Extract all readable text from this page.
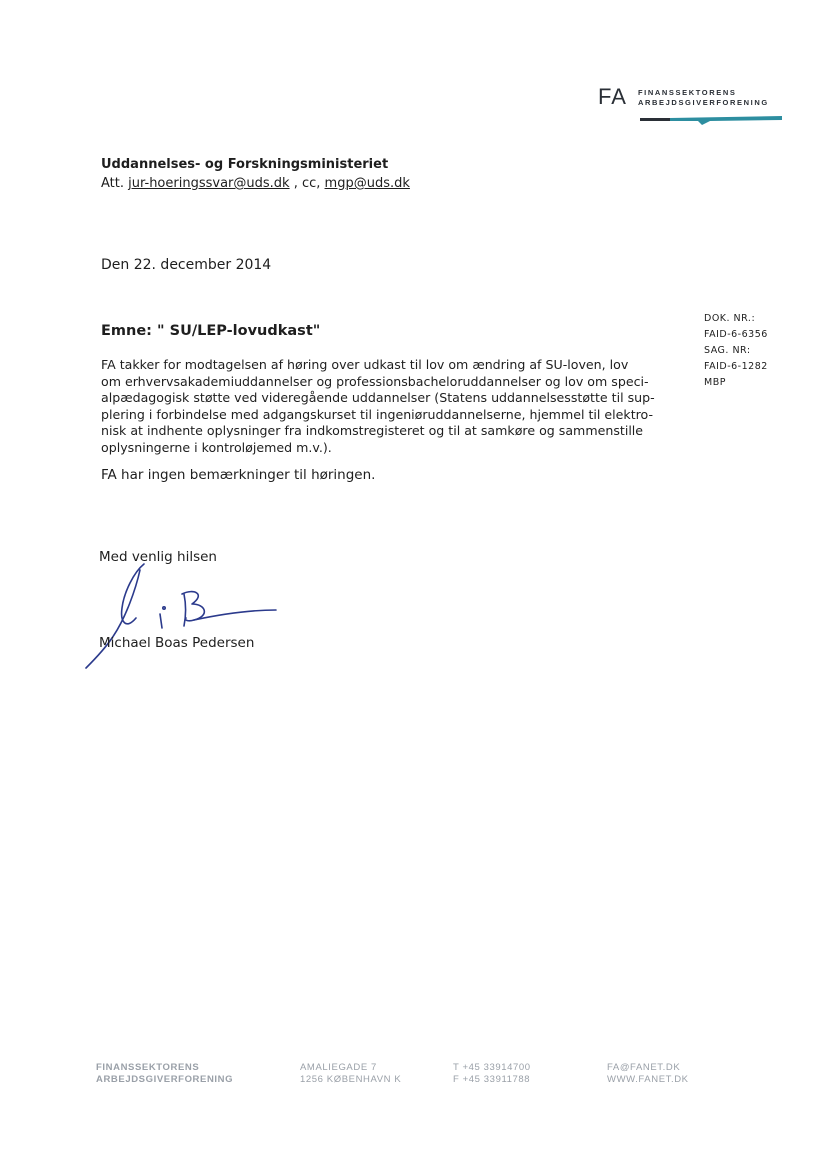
FA FINANSSEKTORENS
ARBEJDSGIVERFORENING
Uddannelses- og Forskningsministeriet
Att. jur-hoeringssvar@uds.dk , cc, mgp@uds.dk
Den 22. december 2014
Emne: " SU/LEP-lovudkast"
DOK. NR.:
FAID-6-6356
SAG. NR:
FAID-6-1282
MBP
FA takker for modtagelsen af høring over udkast til lov om ændring af SU-loven, lov
om erhvervsakademiuddannelser og professionsbacheloruddannelser og lov om speci-
alpædagogisk støtte ved videregående uddannelser (Statens uddannelsesstøtte til sup-
plering i forbindelse med adgangskurset til ingeniøruddannelserne, hjemmel til elektro-
nisk at indhente oplysninger fra indkomstregisteret og til at samkøre og sammenstille
oplysningerne i kontroløjemed m.v.).
FA har ingen bemærkninger til høringen.
Med venlig hilsen
Michael Boas Pedersen
FINANSSEKTORENS
ARBEJDSGIVERFORENING
AMALIEGADE 7
1256 KØBENHAVN K
T +45 33914700
F +45 33911788
FA@FANET.DK
WWW.FANET.DK
